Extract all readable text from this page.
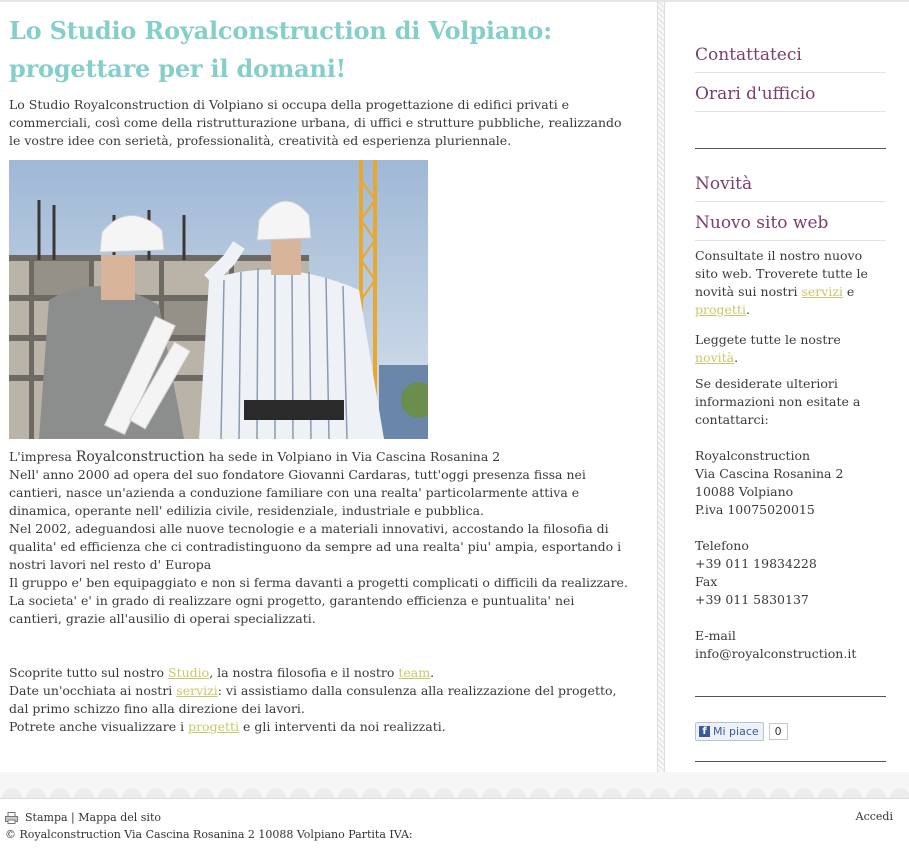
Lo Studio Royalconstruction di Volpiano: progettare per il domani!

Lo Studio Royalconstruction di Volpiano si occupa della progettazione di edifici privati e commerciali, così come della ristrutturazione urbana, di uffici e strutture pubbliche, realizzando le vostre idee con serietà, professionalità, creatività ed esperienza pluriennale.

L'impresa Royalconstruction ha sede in Volpiano in Via Cascina Rosanina 2

Nell' anno 2000 ad opera del suo fondatore Giovanni Cardaras, tutt'oggi presenza fissa nei cantieri, nasce un'azienda a conduzione familiare con una realta' particolarmente attiva e dinamica, operante nell' edilizia civile, residenziale, industriale e pubblica.

Nel 2002, adeguandosi alle nuove tecnologie e a materiali innovativi, accostando la filosofia di qualita' ed efficienza che ci contradistinguono da sempre ad una realta' piu' ampia, esportando i nostri lavori nel resto d' Europa

Il gruppo e' ben equipaggiato e non si ferma davanti a progetti complicati o difficili da realizzare.

La societa' e' in grado di realizzare ogni progetto, garantendo efficienza e puntualita' nei cantieri, grazie all'ausilio di operai specializzati.

Scoprite tutto sul nostro Studio, la nostra filosofia e il nostro team.

Date un'occhiata ai nostri servizi: vi assistiamo dalla consulenza alla realizzazione del progetto, dal primo schizzo fino alla direzione dei lavori.

Potrete anche visualizzare i progetti e gli interventi da noi realizzati.

Contattateci
Orari d'ufficio
Novità
Nuovo sito web

Consultate il nostro nuovo sito web. Troverete tutte le novità sui nostri servizi e progetti.

Leggete tutte le nostre novità.

Se desiderate ulteriori informazioni non esitate a contattarci:

Royalconstruction

Via Cascina Rosanina 2

10088 Volpiano

P.iva 10075020015

Telefono

+39 011 19834228

Fax

+39 011 5830137

E-mail

info@royalconstruction.it

f Mi piace	0
Stampa | Mappa del sito	Accedi
© Royalconstruction Via Cascina Rosanina 2 10088 Volpiano Partita IVA:
